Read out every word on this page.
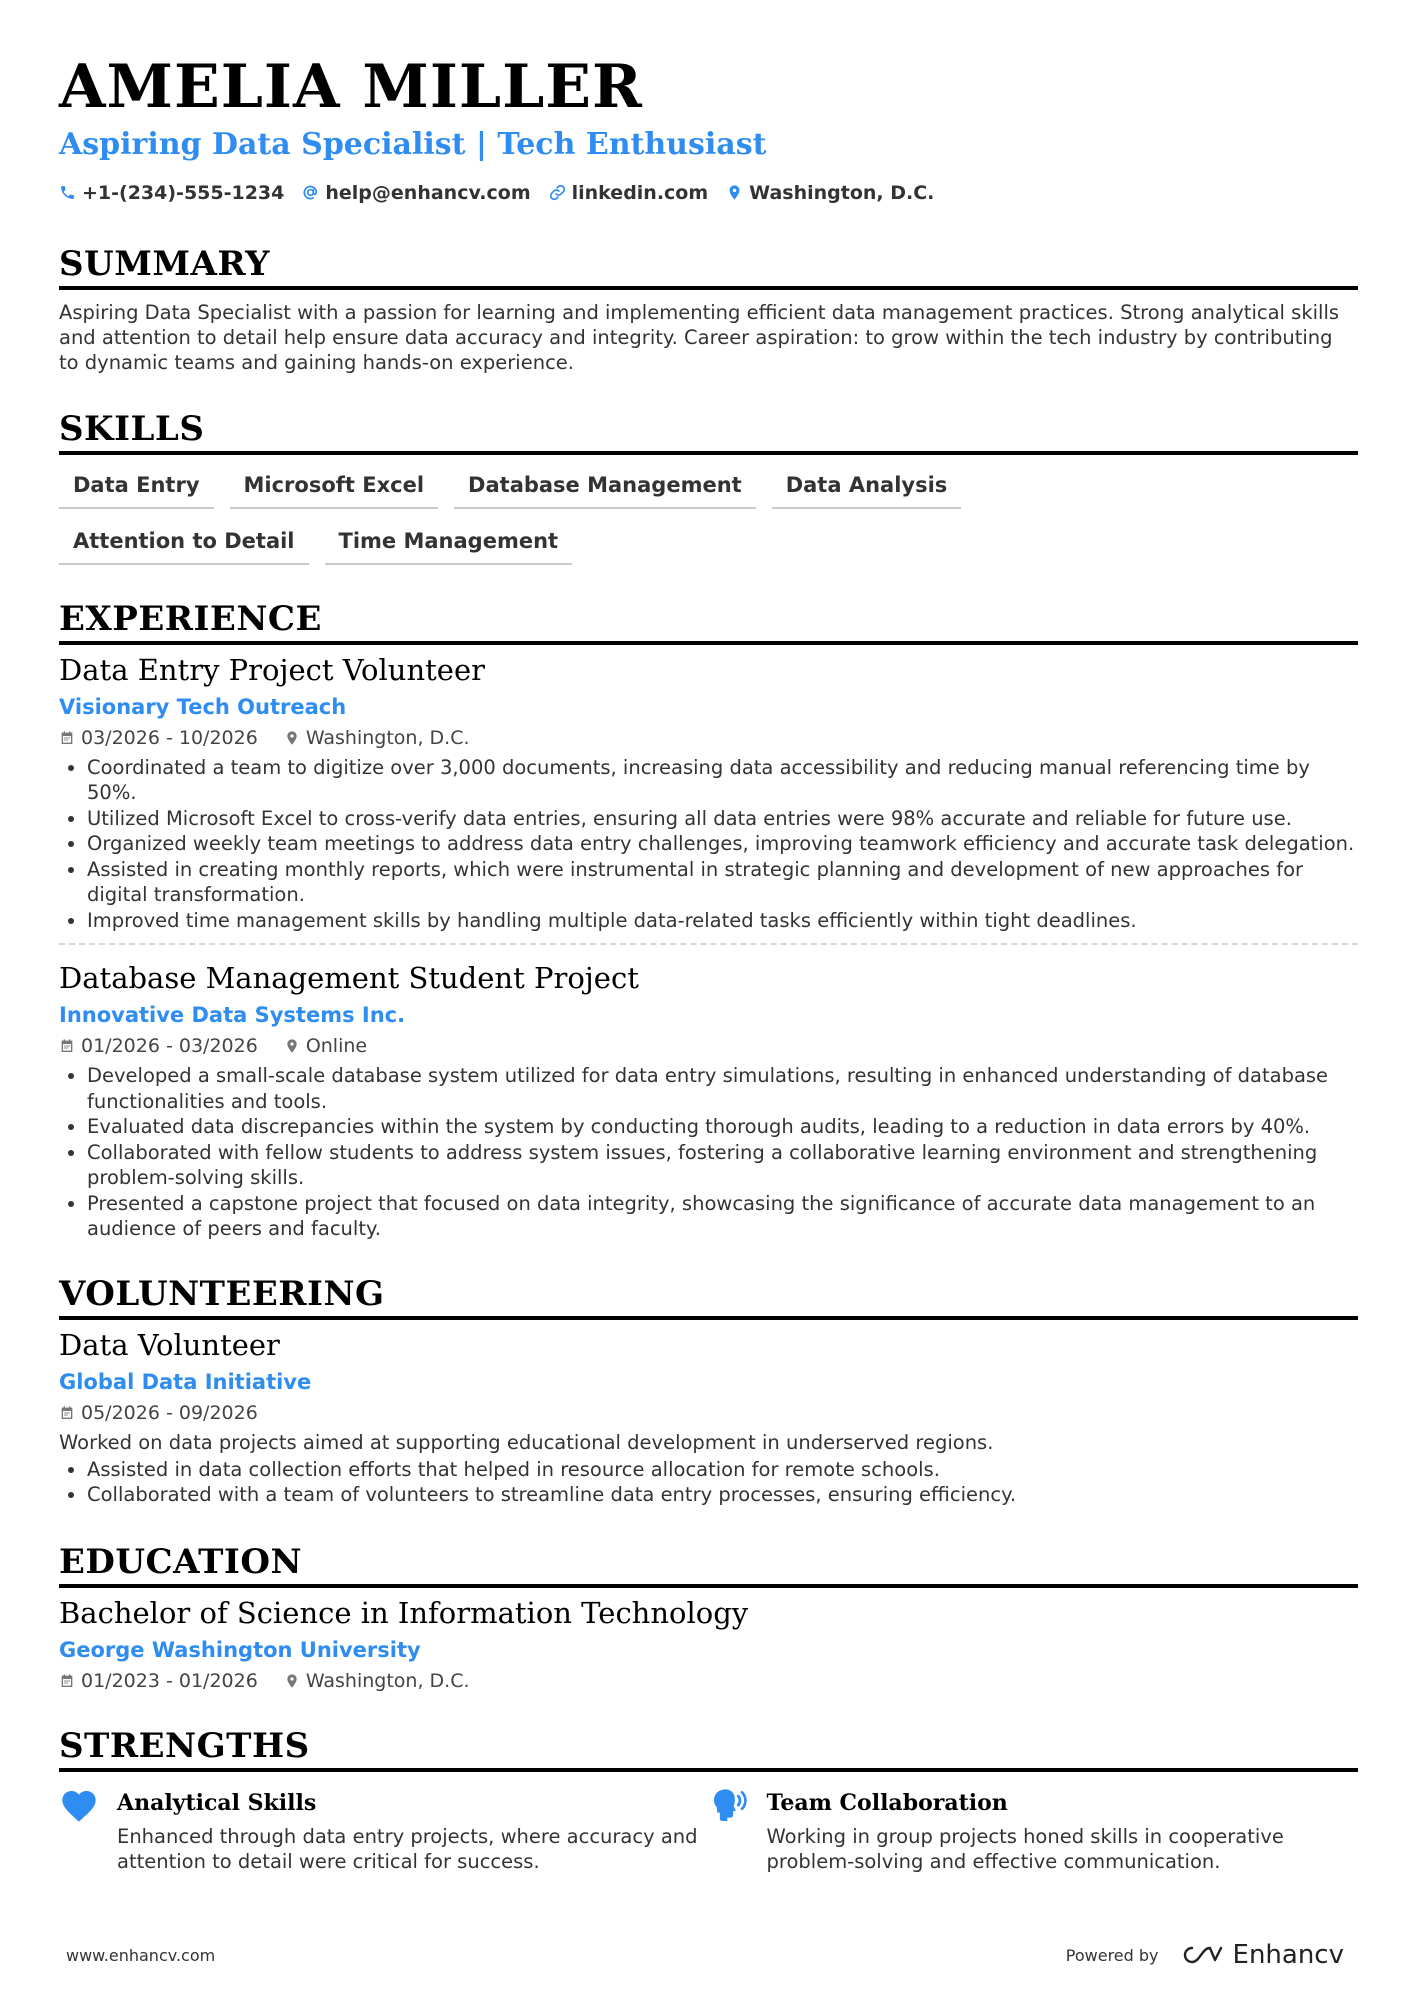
AMELIA MILLER
Aspiring Data Specialist | Tech Enthusiast
+1-(234)-555-1234 help@enhancv.com linkedin.com Washington, D.C.
SUMMARY
Aspiring Data Specialist with a passion for learning and implementing efficient data management practices. Strong analytical skills and attention to detail help ensure data accuracy and integrity. Career aspiration: to grow within the tech industry by contributing to dynamic teams and gaining hands-on experience.
SKILLS
Data Entry	Microsoft Excel	Database Management	Data Analysis
Attention to Detail	Time Management
EXPERIENCE
Data Entry Project Volunteer
Visionary Tech Outreach
03/2026 - 10/2026	Washington, D.C.
• Coordinated a team to digitize over 3,000 documents, increasing data accessibility and reducing manual referencing time by 50%.
• Utilized Microsoft Excel to cross-verify data entries, ensuring all data entries were 98% accurate and reliable for future use.
• Organized weekly team meetings to address data entry challenges, improving teamwork efficiency and accurate task delegation.
• Assisted in creating monthly reports, which were instrumental in strategic planning and development of new approaches for digital transformation.
• Improved time management skills by handling multiple data-related tasks efficiently within tight deadlines.
Database Management Student Project
Innovative Data Systems Inc.
01/2026 - 03/2026	Online
• Developed a small-scale database system utilized for data entry simulations, resulting in enhanced understanding of database functionalities and tools.
• Evaluated data discrepancies within the system by conducting thorough audits, leading to a reduction in data errors by 40%.
• Collaborated with fellow students to address system issues, fostering a collaborative learning environment and strengthening problem-solving skills.
• Presented a capstone project that focused on data integrity, showcasing the significance of accurate data management to an audience of peers and faculty.
VOLUNTEERING
Data Volunteer
Global Data Initiative
05/2026 - 09/2026
Worked on data projects aimed at supporting educational development in underserved regions.
• Assisted in data collection efforts that helped in resource allocation for remote schools.
• Collaborated with a team of volunteers to streamline data entry processes, ensuring efficiency.
EDUCATION
Bachelor of Science in Information Technology
George Washington University
01/2023 - 01/2026	Washington, D.C.
STRENGTHS
Analytical Skills
Enhanced through data entry projects, where accuracy and attention to detail were critical for success.
Team Collaboration
Working in group projects honed skills in cooperative problem-solving and effective communication.
www.enhancv.com	Powered by	Enhancv
